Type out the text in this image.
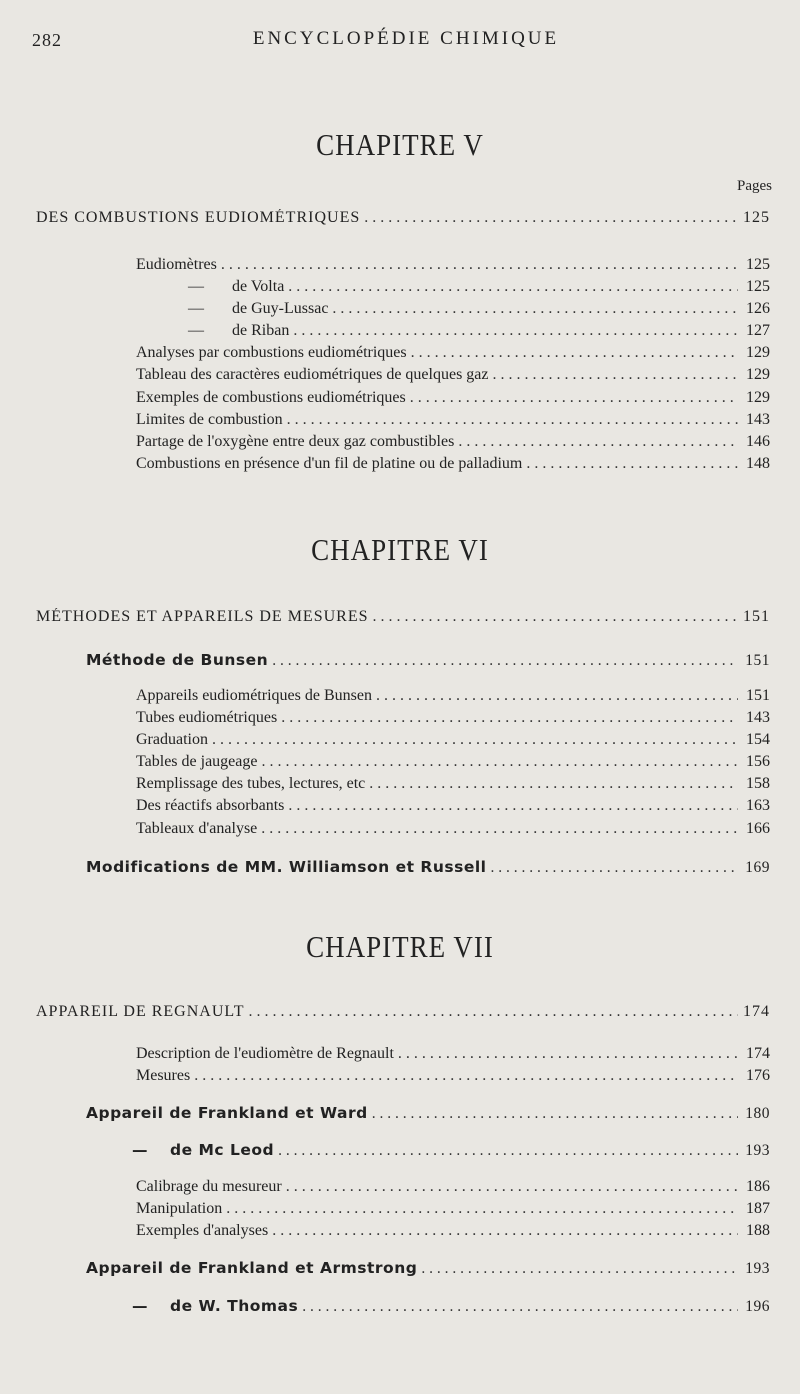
282	ENCYCLOPÉDIE CHIMIQUE
CHAPITRE V
Pages
DES COMBUSTIONS EUDIOMÉTRIQUES . . .	125
Eudiomètres . . .	125
— de Volta . . .	125
— de Guy-Lussac . . .	126
— de Riban . . .	127
Analyses par combustions eudiométriques . . .	129
Tableau des caractères eudiométriques de quelques gaz . . .	129
Exemples de combustions eudiométriques . . .	129
Limites de combustion . . .	143
Partage de l'oxygène entre deux gaz combustibles . . .	146
Combustions en présence d'un fil de platine ou de palladium . . .	148
CHAPITRE VI
MÉTHODES ET APPAREILS DE MESURES . . .	151
Méthode de Bunsen . . .	151
Appareils eudiométriques de Bunsen . . .	151
Tubes eudiométriques . . .	143
Graduation . . .	154
Tables de jaugeage . . .	156
Remplissage des tubes, lectures, etc . . .	158
Des réactifs absorbants . . .	163
Tableaux d'analyse . . .	166
Modifications de MM. Williamson et Russell . . .	169
CHAPITRE VII
APPAREIL DE REGNAULT . . .	174
Description de l'eudiomètre de Regnault . . .	174
Mesures . . .	176
Appareil de Frankland et Ward . . .	180
— de Mc Leod . . .	193
Calibrage du mesureur . . .	186
Manipulation . . .	187
Exemples d'analyses . . .	188
Appareil de Frankland et Armstrong . . .	193
— de W. Thomas . . .	196
